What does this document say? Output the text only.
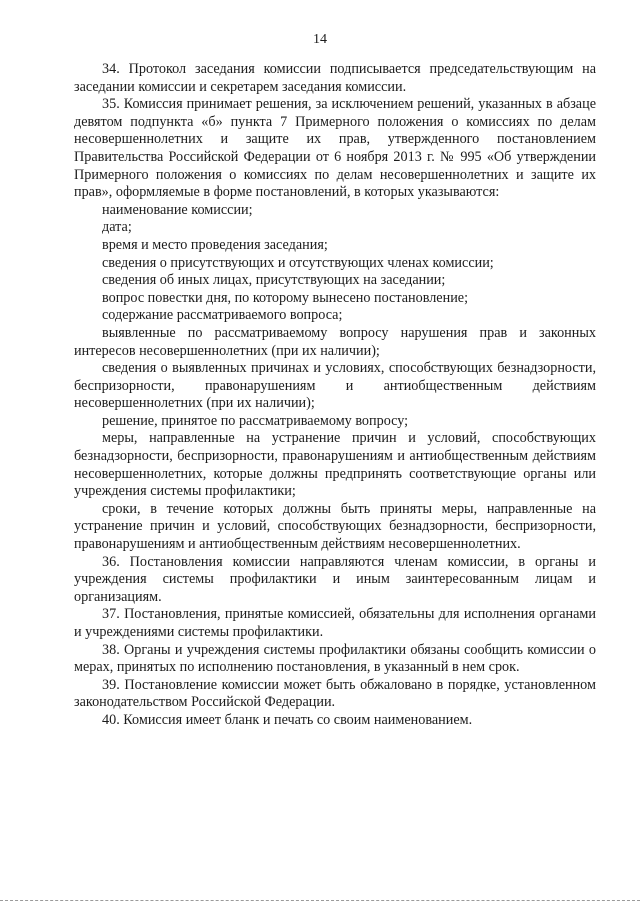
14

34. Протокол заседания комиссии подписывается председательствующим на заседании комиссии и секретарем заседания комиссии.

35. Комиссия принимает решения, за исключением решений, указанных в абзаце девятом подпункта «б» пункта 7 Примерного положения о комиссиях по делам несовершеннолетних и защите их прав, утвержденного постановлением Правительства Российской Федерации от 6 ноября 2013 г. № 995 «Об утверждении Примерного положения о комиссиях по делам несовершеннолетних и защите их прав», оформляемые в форме постановлений, в которых указываются:

наименование комиссии;

дата;

время и место проведения заседания;

сведения о присутствующих и отсутствующих членах комиссии;

сведения об иных лицах, присутствующих на заседании;

вопрос повестки дня, по которому вынесено постановление;

содержание рассматриваемого вопроса;

выявленные по рассматриваемому вопросу нарушения прав и законных интересов несовершеннолетних (при их наличии);

сведения о выявленных причинах и условиях, способствующих безнадзорности, беспризорности, правонарушениям и антиобщественным действиям несовершеннолетних (при их наличии);

решение, принятое по рассматриваемому вопросу;

меры, направленные на устранение причин и условий, способствующих безнадзорности, беспризорности, правонарушениям и антиобщественным действиям несовершеннолетних, которые должны предпринять соответствующие органы или учреждения системы профилактики;

сроки, в течение которых должны быть приняты меры, направленные на устранение причин и условий, способствующих безнадзорности, беспризорности, правонарушениям и антиобщественным действиям несовершеннолетних.

36. Постановления комиссии направляются членам комиссии, в органы и учреждения системы профилактики и иным заинтересованным лицам и организациям.

37. Постановления, принятые комиссией, обязательны для исполнения органами и учреждениями системы профилактики.

38. Органы и учреждения системы профилактики обязаны сообщить комиссии о мерах, принятых по исполнению постановления, в указанный в нем срок.

39. Постановление комиссии может быть обжаловано в порядке, установленном законодательством Российской Федерации.

40. Комиссия имеет бланк и печать со своим наименованием.
